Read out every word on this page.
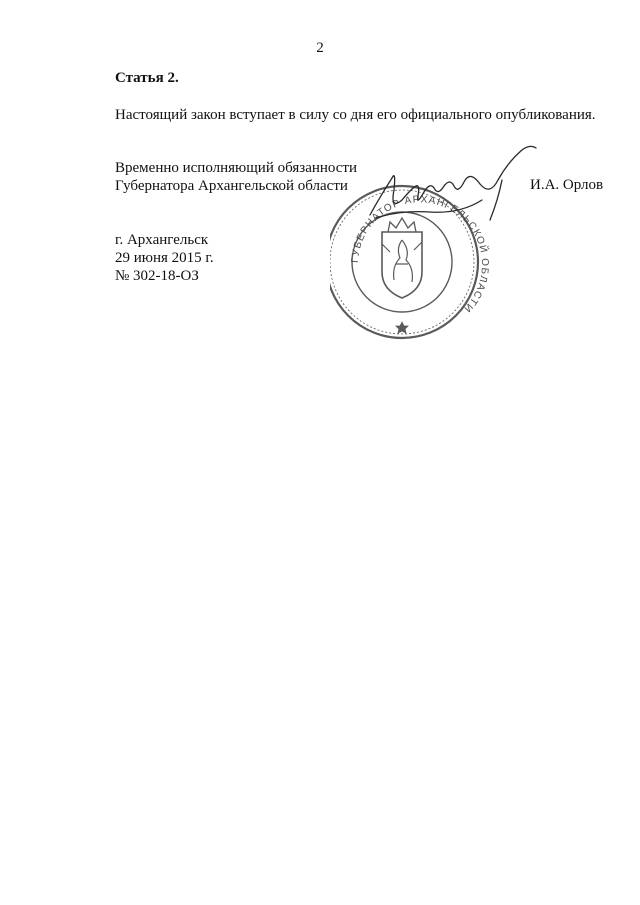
2
Статья 2.
Настоящий закон вступает в силу со дня его официального опубликования.
Временно исполняющий обязанности
Губернатора Архангельской области	И.А. Орлов
г. Архангельск
29 июня 2015 г.
№ 302-18-ОЗ
ГУБЕРНАТОР АРХАНГЕЛЬСКОЙ ОБЛАСТИ
